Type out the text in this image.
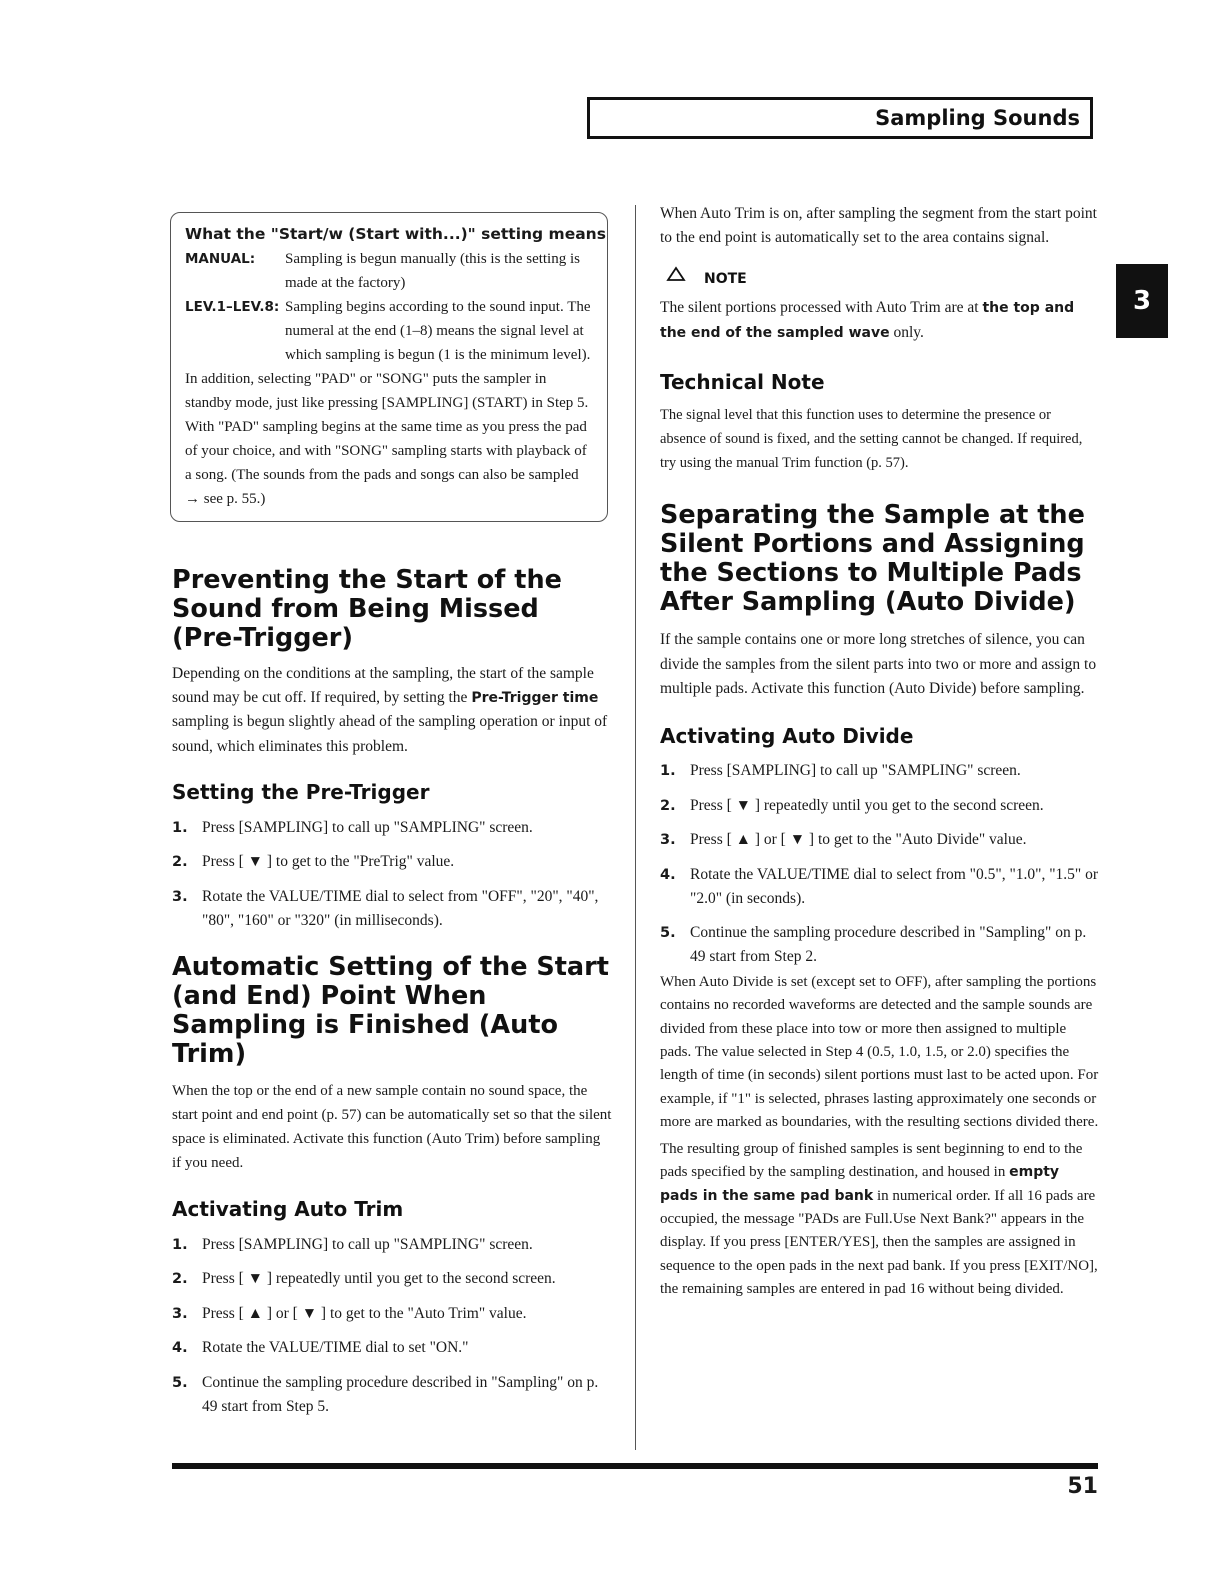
Sampling Sounds
3
What the "Start/w (Start with...)" setting means
MANUAL:	Sampling is begun manually (this is the setting is made at the factory)
LEV.1–LEV.8: Sampling begins according to the sound input. The numeral at the end (1–8) means the signal level at which sampling is begun (1 is the minimum level).

In addition, selecting "PAD" or "SONG" puts the sampler in standby mode, just like pressing [SAMPLING] (START) in Step 5. With "PAD" sampling begins at the same time as you press the pad of your choice, and with "SONG" sampling starts with playback of a song. (The sounds from the pads and songs can also be sampled → see p. 55.)

Preventing the Start of the Sound from Being Missed (Pre-Trigger)

Depending on the conditions at the sampling, the start of the sample sound may be cut off. If required, by setting the Pre-Trigger time sampling is begun slightly ahead of the sampling operation or input of sound, which eliminates this problem.

Setting the Pre-Trigger
1. Press [SAMPLING] to call up "SAMPLING" screen.
2. Press [ ▼ ] to get to the "PreTrig" value.
3. Rotate the VALUE/TIME dial to select from "OFF", "20", "40", "80", "160" or "320" (in milliseconds).
Automatic Setting of the Start (and End) Point When Sampling is Finished (Auto Trim)

When the top or the end of a new sample contain no sound space, the start point and end point (p. 57) can be automatically set so that the silent space is eliminated. Activate this function (Auto Trim) before sampling if you need.

Activating Auto Trim
1. Press [SAMPLING] to call up "SAMPLING" screen.
2. Press [ ▼ ] repeatedly until you get to the second screen.
3. Press [ ▲ ] or [ ▼ ] to get to the "Auto Trim" value.
4. Rotate the VALUE/TIME dial to set "ON."
5. Continue the sampling procedure described in "Sampling" on p. 49 start from Step 5.

When Auto Trim is on, after sampling the segment from the start point to the end point is automatically set to the area contains signal.

NOTE

The silent portions processed with Auto Trim are at the top and the end of the sampled wave only.

Technical Note

The signal level that this function uses to determine the presence or absence of sound is fixed, and the setting cannot be changed. If required, try using the manual Trim function (p. 57).

Separating the Sample at the Silent Portions and Assigning the Sections to Multiple Pads After Sampling (Auto Divide)

If the sample contains one or more long stretches of silence, you can divide the samples from the silent parts into two or more and assign to multiple pads. Activate this function (Auto Divide) before sampling.

Activating Auto Divide
1. Press [SAMPLING] to call up "SAMPLING" screen.
2. Press [ ▼ ] repeatedly until you get to the second screen.
3. Press [ ▲ ] or [ ▼ ] to get to the "Auto Divide" value.
4. Rotate the VALUE/TIME dial to select from "0.5", "1.0", "1.5" or "2.0" (in seconds).
5. Continue the sampling procedure described in "Sampling" on p. 49 start from Step 2.

When Auto Divide is set (except set to OFF), after sampling the portions contains no recorded waveforms are detected and the sample sounds are divided from these place into tow or more then assigned to multiple pads. The value selected in Step 4 (0.5, 1.0, 1.5, or 2.0) specifies the length of time (in seconds) silent portions must last to be acted upon. For example, if "1" is selected, phrases lasting approximately one seconds or more are marked as boundaries, with the resulting sections divided there.

The resulting group of finished samples is sent beginning to end to the pads specified by the sampling destination, and housed in empty pads in the same pad bank in numerical order. If all 16 pads are occupied, the message "PADs are Full.Use Next Bank?" appears in the display. If you press [ENTER/YES], then the samples are assigned in sequence to the open pads in the next pad bank. If you press [EXIT/NO], the remaining samples are entered in pad 16 without being divided.

51
